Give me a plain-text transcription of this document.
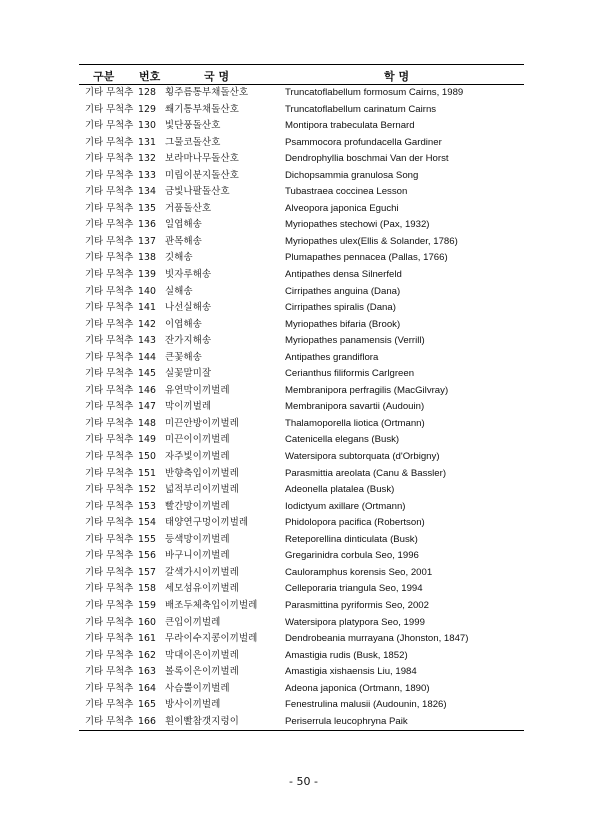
구분 번호	국 명	학 명
기타 무척추 128 횡주름통부채돌산호	Truncatoflabellum formosum Cairns, 1989
기타 무척추 129 쐐기통부채돌산호	Truncatoflabellum carinatum Cairns
기타 무척추 130 빛단풍돌산호	Montipora trabeculata Bernard
기타 무척추 131 그물코돌산호	Psammocora profundacella Gardiner
기타 무척추 132 보라마나무돌산호	Dendrophyllia boschmai Van der Horst
기타 무척추 133 미립이분지돌산호	Dichopsammia granulosa Song
기타 무척추 134 금빛나팔돌산호	Tubastraea coccinea Lesson
기타 무척추 135 거품돌산호	Alveopora japonica Eguchi
기타 무척추 136 일엽해송	Myriopathes stechowi (Pax, 1932)
기타 무척추 137 관목해송	Myriopathes ulex(Ellis & Solander, 1786)
기타 무척추 138 깃해송	Plumapathes pennacea (Pallas, 1766)
기타 무척추 139 빗자루해송	Antipathes densa Silnerfeld
기타 무척추 140 실해송	Cirripathes anguina (Dana)
기타 무척추 141 나선실해송	Cirripathes spiralis (Dana)
기타 무척추 142 이엽해송	Myriopathes bifaria (Brook)
기타 무척추 143 잔가지해송	Myriopathes panamensis (Verrill)
기타 무척추 144 큰꽃해송	Antipathes grandiflora
기타 무척추 145 실꽃말미잘	Cerianthus filiformis Carlgreen
기타 무척추 146 유연막이끼벌레	Membranipora perfragilis (MacGilvray)
기타 무척추 147 막이끼벌레	Membranipora savartii (Audouin)
기타 무척추 148 미끈안방이끼벌레	Thalamoporella liotica (Ortmann)
기타 무척추 149 미끈이이끼벌레	Catenicella elegans (Busk)
기타 무척추 150 자주빛이끼벌레	Watersipora subtorquata (d'Orbigny)
기타 무척추 151 반향축입이끼벌레	Parasmittia areolata (Canu & Bassler)
기타 무척추 152 넓적부리이끼벌레	Adeonella platalea (Busk)
기타 무척추 153 빨간망이끼벌레	Iodictyum axillare (Ortmann)
기타 무척추 154 태양연구멍이끼벌레	Phidolopora pacifica (Robertson)
기타 무척추 155 등색망이끼벌레	Reteporellina dinticulata (Busk)
기타 무척추 156 바구니이끼벌레	Gregarinidra corbula Seo, 1996
기타 무척추 157 갈색가시이끼벌레	Cauloramphus korensis Seo, 2001
기타 무척추 158 세모섬유이끼벌레	Celleporaria triangula Seo, 1994
기타 무척추 159 배조두체축입이끼벌레	Parasmittina pyriformis Seo, 2002
기타 무척추 160 큰입이끼벌레	Watersipora platypora Seo, 1999
기타 무척추 161 무라이수지콩이끼벌레	Dendrobeania murrayana (Jhonston, 1847)
기타 무척추 162 막대이은이끼벌레	Amastigia rudis (Busk, 1852)
기타 무척추 163 볼록이은이끼벌레	Amastigia xishaensis Liu, 1984
기타 무척추 164 사슴뿔이끼벌레	Adeona japonica (Ortmann, 1890)
기타 무척추 165 방사이끼벌레	Fenestrulina malusii (Audounin, 1826)
기타 무척추 166 흰이빨참갯지렁이	Periserrula leucophryna Paik
- 50 -
